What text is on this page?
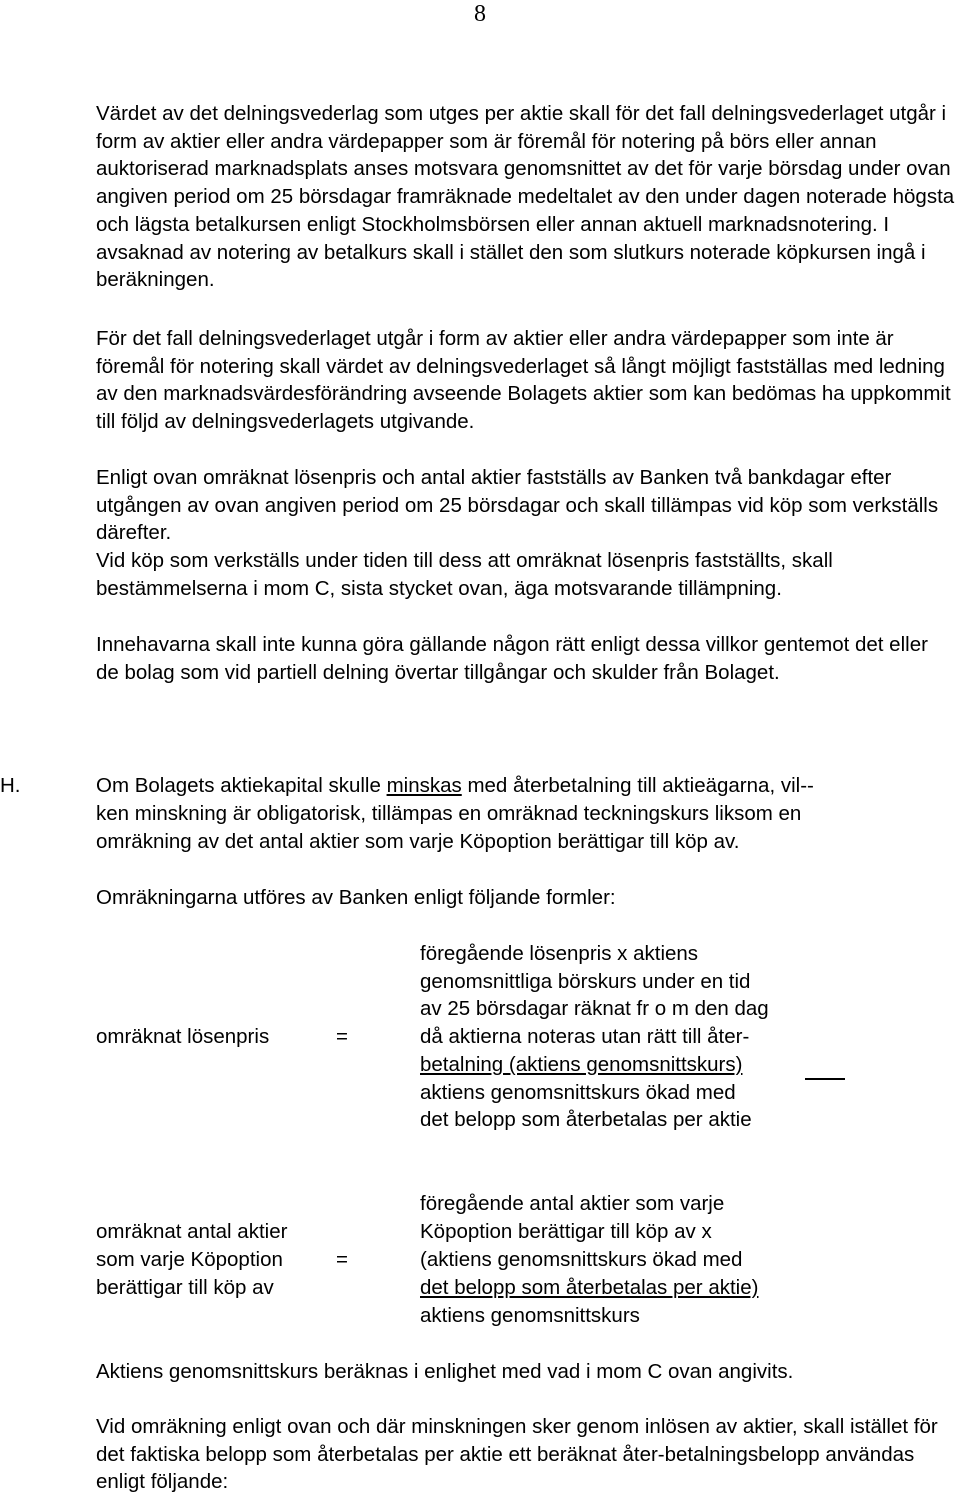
8

Värdet av det delningsvederlag som utges per aktie skall för det fall delningsvederlaget utgår i form av aktier eller andra värdepapper som är föremål för notering på börs eller annan auktoriserad marknadsplats anses motsvara genomsnittet av det för varje börsdag under ovan angiven period om 25 börsdagar framräknade medeltalet av den under dagen noterade högsta och lägsta betalkursen enligt Stockholmsbörsen eller annan aktuell marknadsnotering. I avsaknad av notering av betalkurs skall i stället den som slutkurs noterade köpkursen ingå i beräkningen.

För det fall delningsvederlaget utgår i form av aktier eller andra värdepapper som inte är föremål för notering skall värdet av delningsvederlaget så långt möjligt fastställas med ledning av den marknadsvärdesförändring avseende Bolagets aktier som kan bedömas ha uppkommit till följd av delningsvederlagets utgivande.

Enligt ovan omräknat lösenpris och antal aktier fastställs av Banken två bankdagar efter utgången av ovan angiven period om 25 börsdagar och skall tillämpas vid köp som verkställs därefter.

Vid köp som verkställs under tiden till dess att omräknat lösenpris fastställts, skall bestämmelserna i mom C, sista stycket ovan, äga motsvarande tillämpning.

Innehavarna skall inte kunna göra gällande någon rätt enligt dessa villkor gentemot det eller de bolag som vid partiell delning övertar tillgångar och skulder från Bolaget.

H.	Om Bolagets aktiekapital skulle minskas med återbetalning till aktieägarna, vil--
ken minskning är obligatorisk, tillämpas en omräknad teckningskurs liksom en
omräkning av det antal aktier som varje Köpoption berättigar till köp av.
Omräkningarna utföres av Banken enligt följande formler:
omräknat lösenpris	=
föregående lösenpris x aktiens
genomsnittliga börskurs under en tid
av 25 börsdagar räknat fr o m den dag
då aktierna noteras utan rätt till åter-
betalning (aktiens genomsnittskurs)
aktiens genomsnittskurs ökad med
det belopp som återbetalas per aktie
omräknat antal aktier
som varje Köpoption
berättigar till köp av
=
föregående antal aktier som varje
Köpoption berättigar till köp av x
(aktiens genomsnittskurs ökad med
det belopp som återbetalas per aktie)
aktiens genomsnittskurs

Aktiens genomsnittskurs beräknas i enlighet med vad i mom C ovan angivits.

Vid omräkning enligt ovan och där minskningen sker genom inlösen av aktier, skall istället för det faktiska belopp som återbetalas per aktie ett beräknat åter-betalningsbelopp användas enligt följande:
